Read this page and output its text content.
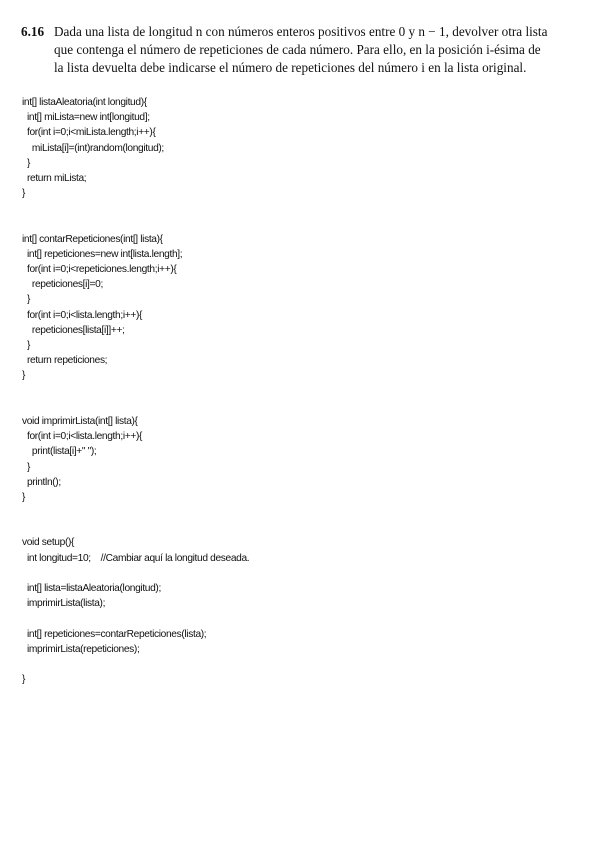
6.16 Dada una lista de longitud n con números enteros positivos entre 0 y n − 1, devolver otra lista
que contenga el número de repeticiones de cada número. Para ello, en la posición i-ésima de
la lista devuelta debe indicarse el número de repeticiones del número i en la lista original.
int[] listaAleatoria(int longitud){
int[] miLista=new int[longitud];
for(int i=0;i<miLista.length;i++){
miLista[i]=(int)random(longitud);
}
return miLista;
}
int[] contarRepeticiones(int[] lista){
int[] repeticiones=new int[lista.length];
for(int i=0;i<repeticiones.length;i++){
repeticiones[i]=0;
}
for(int i=0;i<lista.length;i++){
repeticiones[lista[i]]++;
}
return repeticiones;
}
void imprimirLista(int[] lista){
for(int i=0;i<lista.length;i++){
print(lista[i]+" ");
}
println();
}
void setup(){
int longitud=10;    //Cambiar aquí la longitud deseada.
int[] lista=listaAleatoria(longitud);
imprimirLista(lista);
int[] repeticiones=contarRepeticiones(lista);
imprimirLista(repeticiones);
}
